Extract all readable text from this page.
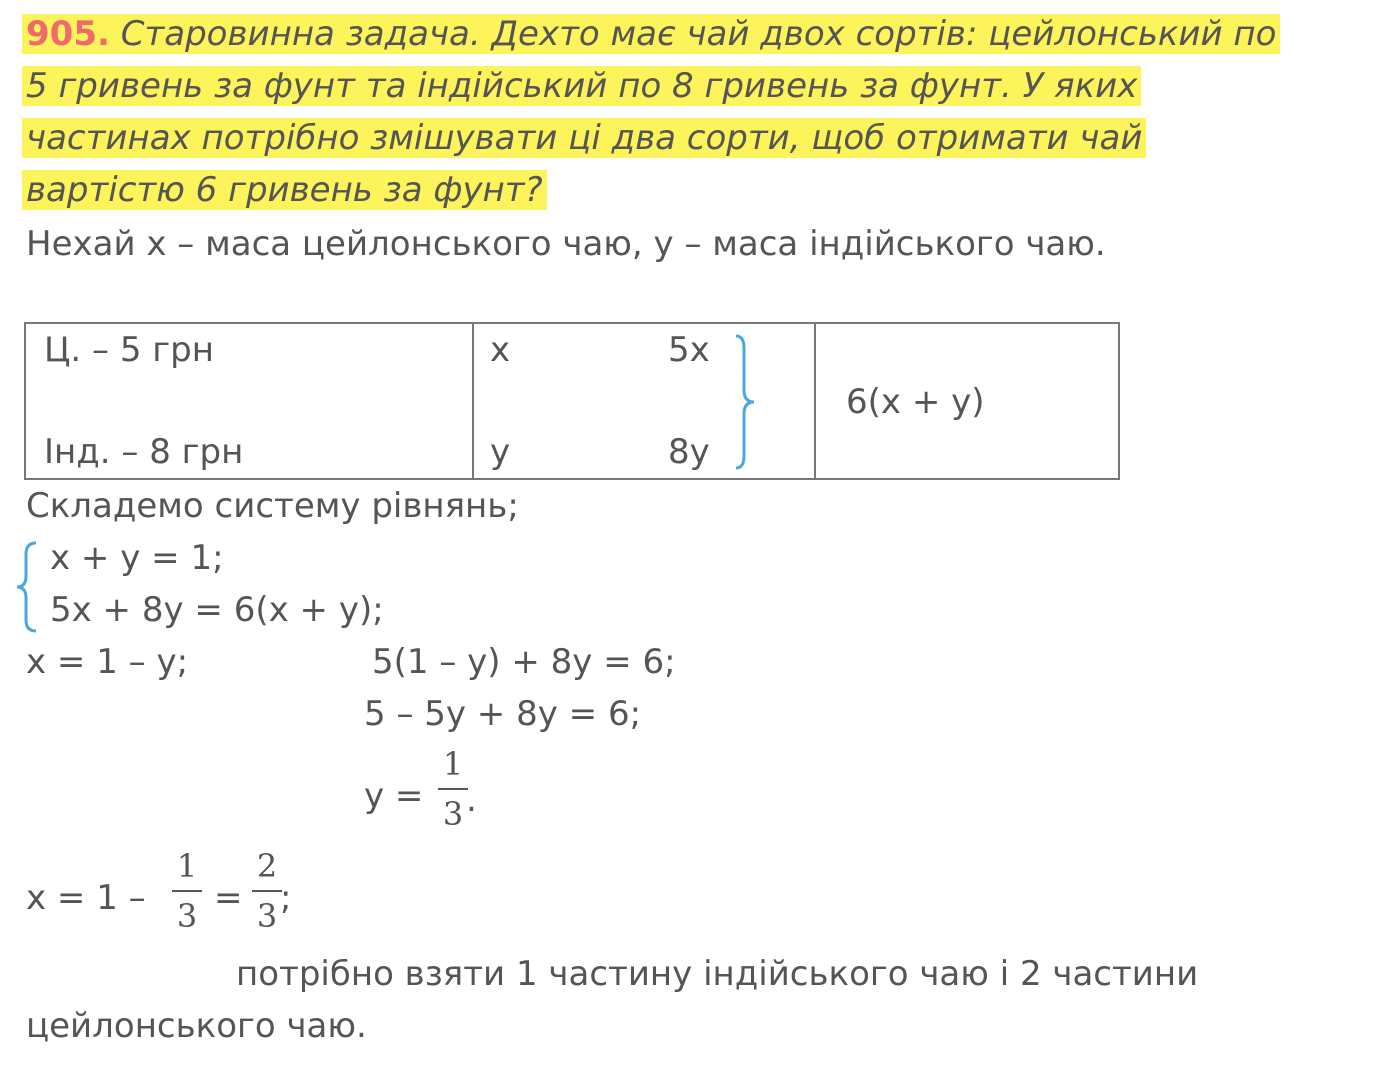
905. Старовинна задача. Дехто має чай двох сортів: цейлонський по
5 гривень за фунт та індійський по 8 гривень за фунт. У яких
частинах потрібно змішувати ці два сорти, щоб отримати чай
вартістю 6 гривень за фунт?
Нехай x – маса цейлонського чаю, y – маса індійського чаю.
Ц. – 5 грн
Інд. – 8 грн

x	5x
y	8y

6(x + y)
Складемо систему рівнянь;
x + y = 1;
5x + 8y = 6(x + y);
x = 1 – y;	5(1 – y) + 8y = 6;
5 – 5y + 8y = 6;
y =
1
3 .
x = 1 –
1
3 =
2
3 ;
потрібно взяти 1 частину індійського чаю і 2 частини
цейлонського чаю.
